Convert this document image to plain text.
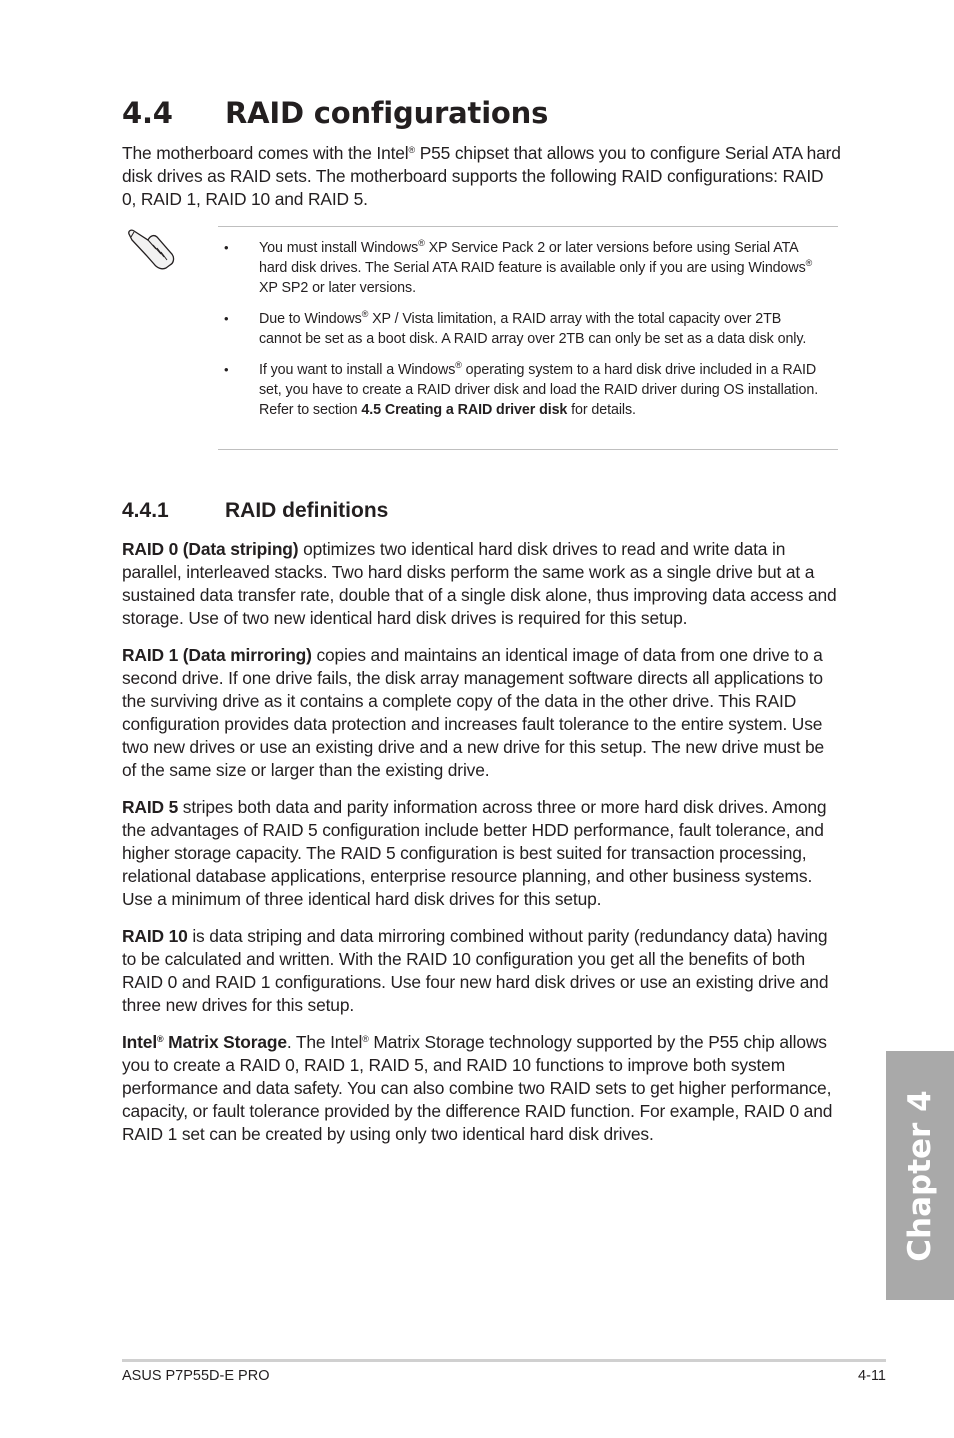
4.4 RAID configurations

The motherboard comes with the Intel® P55 chipset that allows you to configure Serial ATA hard disk drives as RAID sets. The motherboard supports the following RAID configurations: RAID 0, RAID 1, RAID 10 and RAID 5.

• You must install Windows® XP Service Pack 2 or later versions before using Serial ATA hard disk drives. The Serial ATA RAID feature is available only if you are using Windows® XP SP2 or later versions.
• Due to Windows® XP / Vista limitation, a RAID array with the total capacity over 2TB cannot be set as a boot disk. A RAID array over 2TB can only be set as a data disk only.
• If you want to install a Windows® operating system to a hard disk drive included in a RAID set, you have to create a RAID driver disk and load the RAID driver during OS installation. Refer to section 4.5 Creating a RAID driver disk for details.
4.4.1	RAID definitions

RAID 0 (Data striping) optimizes two identical hard disk drives to read and write data in parallel, interleaved stacks. Two hard disks perform the same work as a single drive but at a sustained data transfer rate, double that of a single disk alone, thus improving data access and storage. Use of two new identical hard disk drives is required for this setup.

RAID 1 (Data mirroring) copies and maintains an identical image of data from one drive to a second drive. If one drive fails, the disk array management software directs all applications to the surviving drive as it contains a complete copy of the data in the other drive. This RAID configuration provides data protection and increases fault tolerance to the entire system. Use two new drives or use an existing drive and a new drive for this setup. The new drive must be of the same size or larger than the existing drive.

RAID 5 stripes both data and parity information across three or more hard disk drives. Among the advantages of RAID 5 configuration include better HDD performance, fault tolerance, and higher storage capacity. The RAID 5 configuration is best suited for transaction processing, relational database applications, enterprise resource planning, and other business systems. Use a minimum of three identical hard disk drives for this setup.

RAID 10 is data striping and data mirroring combined without parity (redundancy data) having to be calculated and written. With the RAID 10 configuration you get all the benefits of both RAID 0 and RAID 1 configurations. Use four new hard disk drives or use an existing drive and three new drives for this setup.

Intel® Matrix Storage. The Intel® Matrix Storage technology supported by the P55 chip allows you to create a RAID 0, RAID 1, RAID 5, and RAID 10 functions to improve both system performance and data safety. You can also combine two RAID sets to get higher performance, capacity, or fault tolerance provided by the difference RAID function. For example, RAID 0 and RAID 1 set can be created by using only two identical hard disk drives.	Chapter 4
ASUS P7P55D-E PRO	4-11
